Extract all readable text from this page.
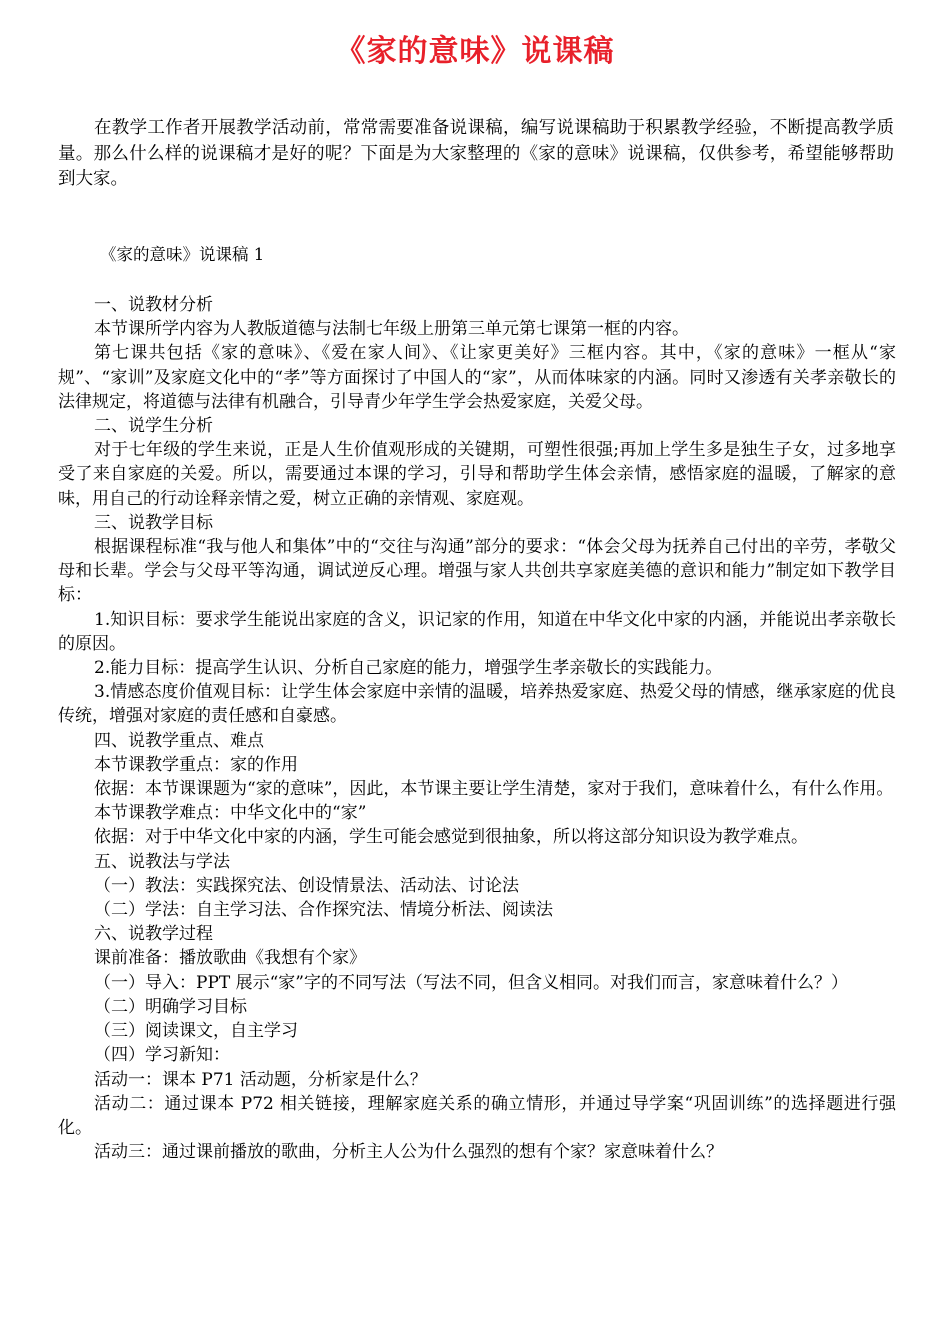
《家的意味》说课稿
在教学工作者开展教学活动前，常常需要准备说课稿，编写说课稿助于积累教学经验，不断提高教学质量。那么什么样的说课稿才是好的呢？下面是为大家整理的《家的意味》说课稿，仅供参考，希望能够帮助到大家。
《家的意味》说课稿 1

一、说教材分析

本节课所学内容为人教版道德与法制七年级上册第三单元第七课第一框的内容。

第七课共包括《家的意味》、《爱在家人间》、《让家更美好》三框内容。其中，《家的意味》一框从“家规”、“家训”及家庭文化中的“孝”等方面探讨了中国人的“家”，从而体味家的内涵。同时又渗透有关孝亲敬长的法律规定，将道德与法律有机融合，引导青少年学生学会热爱家庭，关爱父母。

二、说学生分析

对于七年级的学生来说，正是人生价值观形成的关键期，可塑性很强;再加上学生多是独生子女，过多地享受了来自家庭的关爱。所以，需要通过本课的学习，引导和帮助学生体会亲情，感悟家庭的温暖，了解家的意味，用自己的行动诠释亲情之爱，树立正确的亲情观、家庭观。

三、说教学目标

根据课程标准“我与他人和集体”中的“交往与沟通”部分的要求：“体会父母为抚养自己付出的辛劳，孝敬父母和长辈。学会与父母平等沟通，调试逆反心理。增强与家人共创共享家庭美德的意识和能力”制定如下教学目标：

1.知识目标：要求学生能说出家庭的含义，识记家的作用，知道在中华文化中家的内涵，并能说出孝亲敬长的原因。

2.能力目标：提高学生认识、分析自己家庭的能力，增强学生孝亲敬长的实践能力。

3.情感态度价值观目标：让学生体会家庭中亲情的温暖，培养热爱家庭、热爱父母的情感，继承家庭的优良传统，增强对家庭的责任感和自豪感。

四、说教学重点、难点

本节课教学重点：家的作用

依据：本节课课题为“家的意味”，因此，本节课主要让学生清楚，家对于我们，意味着什么，有什么作用。

本节课教学难点：中华文化中的“家”

依据：对于中华文化中家的内涵，学生可能会感觉到很抽象，所以将这部分知识设为教学难点。

五、说教法与学法

（一）教法：实践探究法、创设情景法、活动法、讨论法

（二）学法：自主学习法、合作探究法、情境分析法、阅读法

六、说教学过程

课前准备：播放歌曲《我想有个家》

（一）导入：PPT 展示“家”字的不同写法（写法不同，但含义相同。对我们而言，家意味着什么？）

（二）明确学习目标

（三）阅读课文，自主学习

（四）学习新知：

活动一：课本 P71 活动题，分析家是什么？

活动二：通过课本 P72 相关链接，理解家庭关系的确立情形，并通过导学案“巩固训练”的选择题进行强化。

活动三：通过课前播放的歌曲，分析主人公为什么强烈的想有个家？家意味着什么？
